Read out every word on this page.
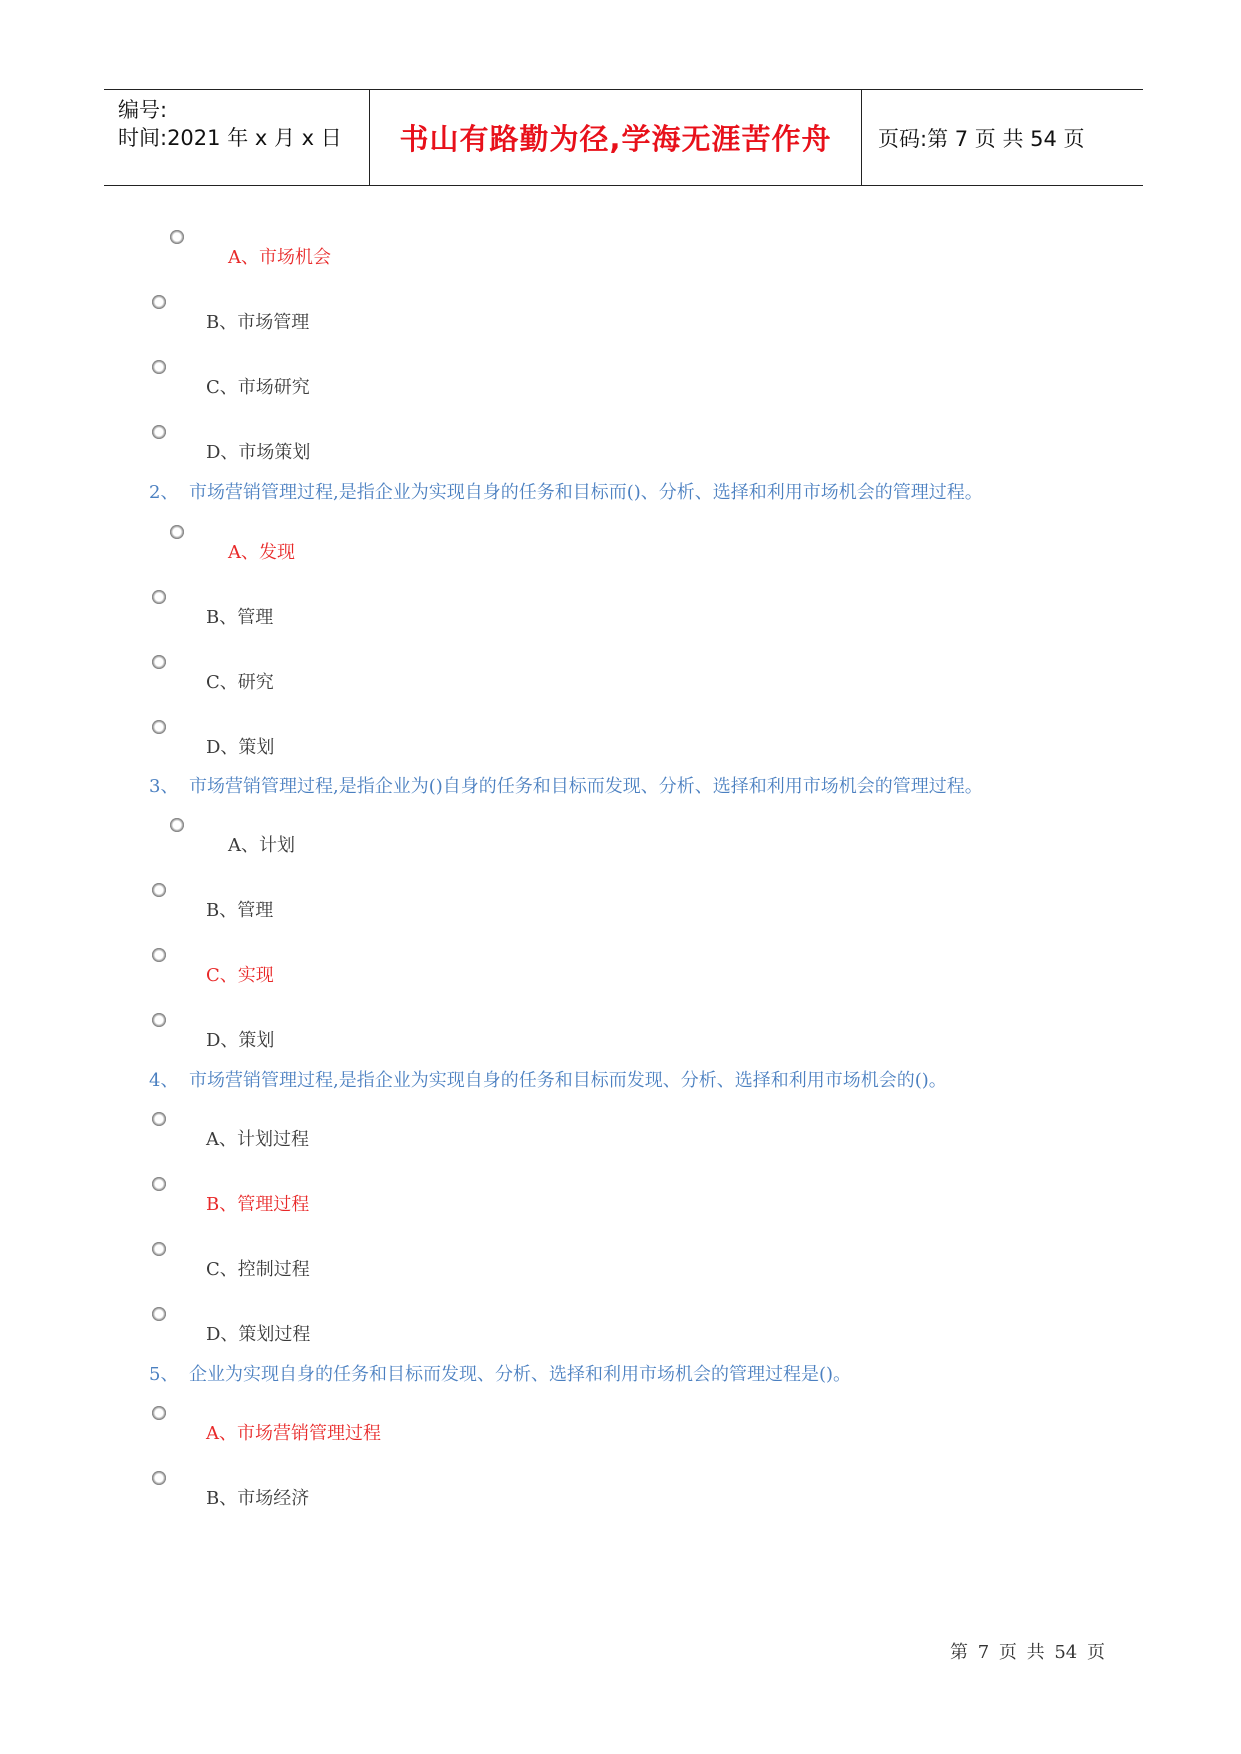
编号:
时间:2021 年 x 月 x 日	书山有路勤为径,学海无涯苦作舟	页码:第 7 页 共 54 页
A、市场机会
B、市场管理
C、市场研究
D、市场策划
2、 市场营销管理过程,是指企业为实现自身的任务和目标而()、分析、选择和利用市场机会的管理过程。
A、发现
B、管理
C、研究
D、策划
3、 市场营销管理过程,是指企业为()自身的任务和目标而发现、分析、选择和利用市场机会的管理过程。
A、计划
B、管理
C、实现
D、策划
4、 市场营销管理过程,是指企业为实现自身的任务和目标而发现、分析、选择和利用市场机会的()。
A、计划过程
B、管理过程
C、控制过程
D、策划过程
5、 企业为实现自身的任务和目标而发现、分析、选择和利用市场机会的管理过程是()。
A、市场营销管理过程
B、市场经济
第 7 页 共 54 页
